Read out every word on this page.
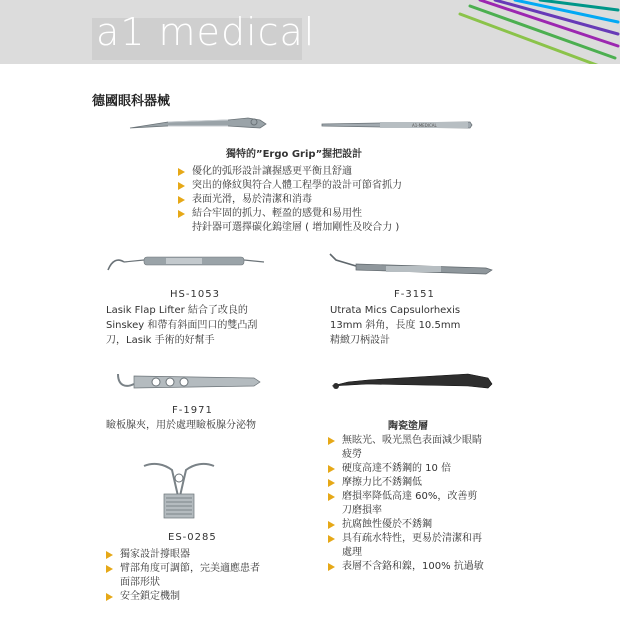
a1 medical
德國眼科器械
A1-MEDICAL
獨特的”Ergo Grip”握把設計
優化的弧形設計讓握感更平衡且舒適
突出的條紋與符合人體工程學的設計可節省抓力
表面光滑，易於清潔和消毒
結合牢固的抓力、輕盈的感覺和易用性
持針器可選擇碳化鎢塗層 ( 增加剛性及咬合力 )
HS-1053
Lasik Flap Lifter 結合了改良的
Sinskey 和帶有斜面凹口的雙凸刮
刀，Lasik 手術的好幫手
F-3151
Utrata Mics Capsulorhexis
13mm 斜角，長度 10.5mm
精緻刀柄設計
F-1971
瞼板腺夾，用於處理瞼板腺分泌物	陶瓷塗層
無眩光、吸光黑色表面減少眼睛
疲勞
硬度高達不銹鋼的 10 倍
摩擦力比不銹鋼低
磨損率降低高達 60%，改善剪
刀磨損率
抗腐蝕性優於不銹鋼
具有疏水特性，更易於清潔和再
處理
表層不含鉻和鎳，100% 抗過敏
ES-0285
獨家設計撐眼器
臂部角度可調節，完美適應患者
面部形狀
安全鎖定機制
